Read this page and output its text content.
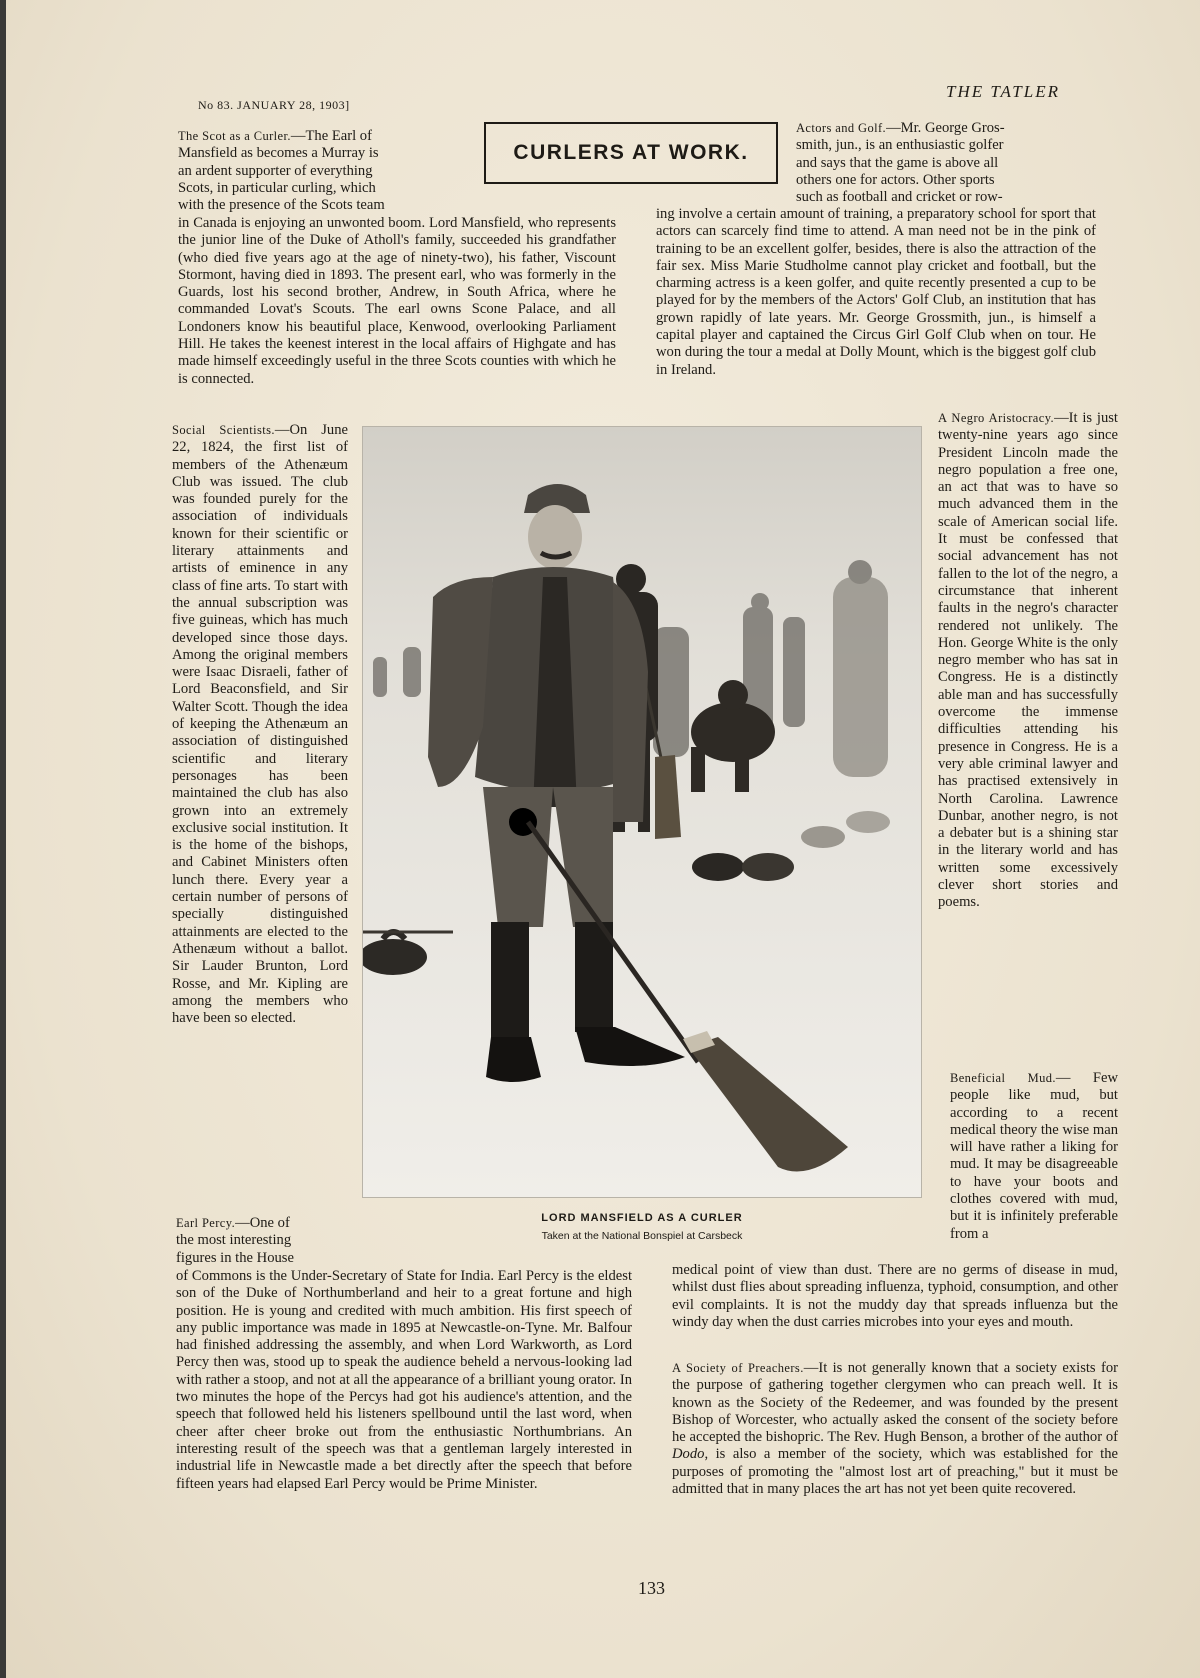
No 83. JANUARY 28, 1903]
THE TATLER
CURLERS AT WORK.

The Scot as a Curler.—The Earl of

Mansfield as becomes a Murray is

an ardent supporter of everything

Scots, in particular curling, which

with the presence of the Scots team

in Canada is enjoying an unwonted boom. Lord Mansfield, who represents the junior line of the Duke of Atholl's family, succeeded his grandfather (who died five years ago at the age of ninety-two), his father, Viscount Stormont, having died in 1893. The present earl, who was formerly in the Guards, lost his second brother, Andrew, in South Africa, where he commanded Lovat's Scouts. The earl owns Scone Palace, and all Londoners know his beautiful place, Kenwood, overlooking Parliament Hill. He takes the keenest interest in the local affairs of Highgate and has made himself exceedingly useful in the three Scots counties with which he is connected.

Actors and Golf.—Mr. George Gros-

smith, jun., is an enthusiastic golfer

and says that the game is above all

others one for actors. Other sports

such as football and cricket or row-

ing involve a certain amount of training, a preparatory school for sport that actors can scarcely find time to attend. A man need not be in the pink of training to be an excellent golfer, besides, there is also the attraction of the fair sex. Miss Marie Studholme cannot play cricket and football, but the charming actress is a keen golfer, and quite recently presented a cup to be played for by the members of the Actors' Golf Club, an institution that has grown rapidly of late years. Mr. George Grossmith, jun., is himself a capital player and captained the Circus Girl Golf Club when on tour. He won during the tour a medal at Dolly Mount, which is the biggest golf club in Ireland.

Social Scientists.—On June 22, 1824, the first list of members of the Athenæum Club was issued. The club was founded purely for the association of individuals known for their scientific or literary attainments and artists of eminence in any class of fine arts. To start with the annual subscription was five guineas, which has much developed since those days. Among the original members were Isaac Disraeli, father of Lord Beaconsfield, and Sir Walter Scott. Though the idea of keeping the Athenæum an association of distinguished scientific and literary personages has been maintained the club has also grown into an extremely exclusive social institution. It is the home of the bishops, and Cabinet Ministers often lunch there. Every year a certain number of persons of specially distinguished attainments are elected to the Athenæum without a ballot. Sir Lauder Brunton, Lord Rosse, and Mr. Kipling are among the members who have been so elected.

LORD MANSFIELD AS A CURLER
Taken at the National Bonspiel at Carsbeck

A Negro Aristocracy.—It is just twenty-nine years ago since President Lincoln made the negro population a free one, an act that was to have so much advanced them in the scale of American social life. It must be confessed that social advancement has not fallen to the lot of the negro, a circumstance that inherent faults in the negro's character rendered not unlikely. The Hon. George White is the only negro member who has sat in Congress. He is a distinctly able man and has successfully overcome the immense difficulties attending his presence in Congress. He is a very able criminal lawyer and has practised extensively in North Carolina. Lawrence Dunbar, another negro, is not a debater but is a shining star in the literary world and has written some excessively clever short stories and poems.

Beneficial Mud.— Few people like mud, but according to a recent medical theory the wise man will have rather a liking for mud. It may be disagreeable to have your boots and clothes covered with mud, but it is infinitely preferable from a

medical point of view than dust. There are no germs of disease in mud, whilst dust flies about spreading influenza, typhoid, consumption, and other evil complaints. It is not the muddy day that spreads influenza but the windy day when the dust carries microbes into your eyes and mouth.

Earl Percy.—One of

the most interesting

figures in the House

of Commons is the Under-Secretary of State for India. Earl Percy is the eldest son of the Duke of Northumberland and heir to a great fortune and high position. He is young and credited with much ambition. His first speech of any public importance was made in 1895 at Newcastle-on-Tyne. Mr. Balfour had finished addressing the assembly, and when Lord Warkworth, as Lord Percy then was, stood up to speak the audience beheld a nervous-looking lad with rather a stoop, and not at all the appearance of a brilliant young orator. In two minutes the hope of the Percys had got his audience's attention, and the speech that followed held his listeners spellbound until the last word, when cheer after cheer broke out from the enthusiastic Northumbrians. An interesting result of the speech was that a gentleman largely interested in industrial life in Newcastle made a bet directly after the speech that before fifteen years had elapsed Earl Percy would be Prime Minister.

A Society of Preachers.—It is not generally known that a society exists for the purpose of gathering together clergymen who can preach well. It is known as the Society of the Redeemer, and was founded by the present Bishop of Worcester, who actually asked the consent of the society before he accepted the bishopric. The Rev. Hugh Benson, a brother of the author of Dodo, is also a member of the society, which was established for the purposes of promoting the "almost lost art of preaching," but it must be admitted that in many places the art has not yet been quite recovered.

133
